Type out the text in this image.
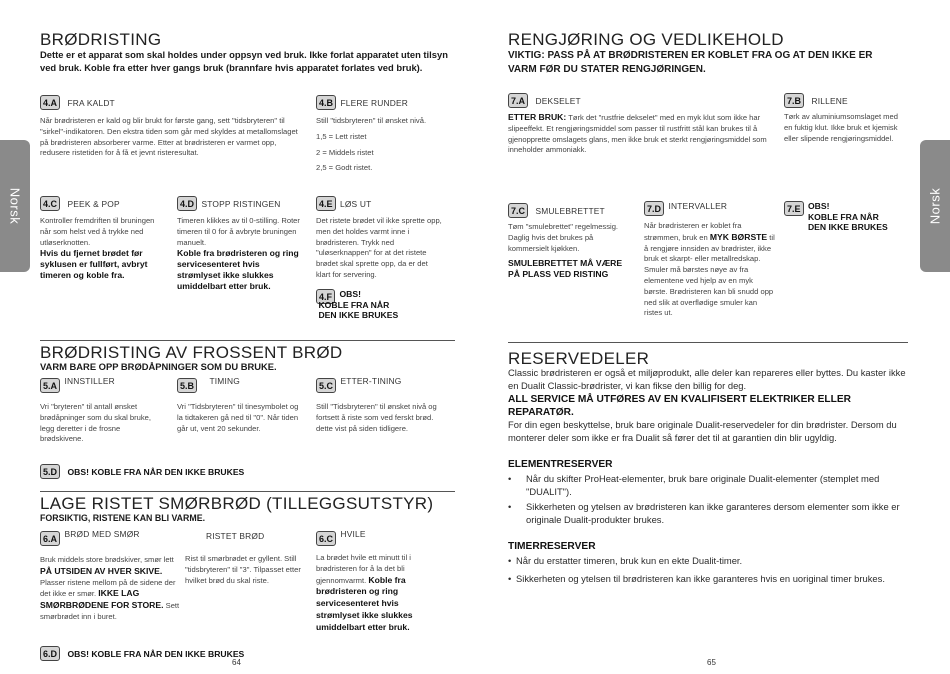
Norsk	Norsk
BRØDRISTING
Dette er et apparat som skal holdes under oppsyn ved bruk. Ikke forlat apparatet uten tilsyn ved bruk. Koble fra etter hver gangs bruk (brannfare hvis apparatet forlates ved bruk).
4.A FRA KALDT
Når brødristeren er kald og blir brukt for første gang, sett "tidsbryteren" til "sirkel"-indikatoren. Den ekstra tiden som går med skyldes at metallomslaget på brødristeren absorberer varme. Etter at brødristeren er varmet opp, redusere ristetiden for å få et jevnt risteresultat.
4.B FLERE RUNDER
Still "tidsbryteren" til ønsket nivå.
1,5 = Lett ristet
2 = Middels ristet
2,5 = Godt ristet.
4.C PEEK & POP
Kontroller fremdriften til bruningen når som helst ved å trykke ned utløserknotten.
Hvis du fjernet brødet før syklusen er fullført, avbryt timeren og koble fra.
4.D STOPP RISTINGEN
Timeren klikkes av til 0-stilling. Roter timeren til 0 for å avbryte bruningen manuelt.
Koble fra brødristeren og ring servicesenteret hvis strømlyset ikke slukkes umiddelbart etter bruk.
4.E LØS UT
Det ristete brødet vil ikke sprette opp, men det holdes varmt inne i brødristeren. Trykk ned "uløserknappen" for at det ristete brødet skal sprette opp, da er det klart for servering.
4.F OBS!
KOBLE FRA NÅR
DEN IKKE BRUKES
BRØDRISTING AV FROSSENT BRØD
VARM BARE OPP BRØDÅPNINGER SOM DU BRUKE.
5.A $^{INNSTILLER}$
Vri "bryteren" til antall ønsket brødåpninger som du skal bruke, legg deretter i de frosne brødskivene.
5.B $^{TIMING}$
Vri "Tidsbryteren" til tinesymbolet og la tidtakeren gå ned til "0". Når tiden går ut, vent 20 sekunder.
5.C $^{ETTER-TINING}$
Still "Tidsbryteren" til ønsket nivå og fortsett å riste som ved ferskt brød. dette vist på siden tidligere.
5.D OBS! KOBLE FRA NÅR DEN IKKE BRUKES
LAGE RISTET SMØRBRØD (TILLEGGSUTSTYR)
FORSIKTIG, RISTENE KAN BLI VARME.
6.A $^{BRØD MED SMØR}$
Bruk middels store brødskiver, smør lett PÅ UTSIDEN AV HVER SKIVE. Plasser ristene mellom på de sidene der det ikke er smør. IKKE LAG SMØRBRØDENE FOR STORE. Sett smørbrødet inn i buret.
RISTET BRØD
Rist til smørbrødet er gyllent. Still "tidsbryteren" til "3". Tilpasset etter hvilket brød du skal riste.
6.C $^{HVILE}$
La brødet hvile ett minutt til i brødristeren for å la det bli gjennomvarmt. Koble fra brødristeren og ring servicesenteret hvis strømlyset ikke slukkes umiddelbart etter bruk.
6.D OBS! KOBLE FRA NÅR DEN IKKE BRUKES
64
RENGJØRING OG VEDLIKEHOLD
VIKTIG: PASS PÅ AT BRØDRISTEREN ER KOBLET FRA OG AT DEN IKKE ER VARM FØR DU STATER RENGJØRINGEN.
7.A DEKSELET
ETTER BRUK: Tørk det "rustfrie dekselet" med en myk klut som ikke har slipeeffekt. Et rengjøringsmiddel som passer til rustfritt stål kan brukes til å gjenopprette omslagets glans, men ikke bruk et sterkt rengjøringsmiddel som inneholder ammoniakk.
7.B RILLENE
Tørk av aluminiumsomslaget med en fuktig klut. Ikke bruk et kjemisk eller slipende rengjøringsmiddel.
7.C SMULEBRETTET
Tøm "smulebrettet" regelmessig. Daglig hvis det brukes på kommersielt kjøkken.
SMULEBRETTET MÅ VÆRE PÅ PLASS VED RISTING
7.D $^{INTERVALLER}$
Når brødristeren er koblet fra strømmen, bruk en MYK BØRSTE til å rengjøre innsiden av brødrister, ikke bruk et skarpt- eller metallredskap. Smuler må børstes nøye av fra elementene ved hjelp av en myk børste. Brødristeren kan bli snudd opp ned slik at overflødige smuler kan ristes ut.
7.E OBS!
KOBLE FRA NÅR
DEN IKKE BRUKES
RESERVEDELER
Classic brødristeren er også et miljøprodukt, alle deler kan repareres eller byttes. Du kaster ikke en Dualit Classic-brødrister, vi kan fikse den billig for deg.
ALL SERVICE MÅ UTFØRES AV EN KVALIFISERT ELEKTRIKER ELLER REPARATØR.
For din egen beskyttelse, bruk bare originale Dualit-reservedeler for din brødrister. Dersom du monterer deler som ikke er fra Dualit så fører det til at garantien din blir ugyldig.
ELEMENTRESERVER
• Når du skifter ProHeat-elementer, bruk bare originale Dualit-elementer (stemplet med "DUALIT").
• Sikkerheten og ytelsen av brødristeren kan ikke garanteres dersom elementer som ikke er originale Dualit-produkter brukes.
TIMERRESERVER
• Når du erstatter timeren, bruk kun en ekte Dualit-timer.
• Sikkerheten og ytelsen til brødristeren kan ikke garanteres hvis en uoriginal timer brukes.
65
